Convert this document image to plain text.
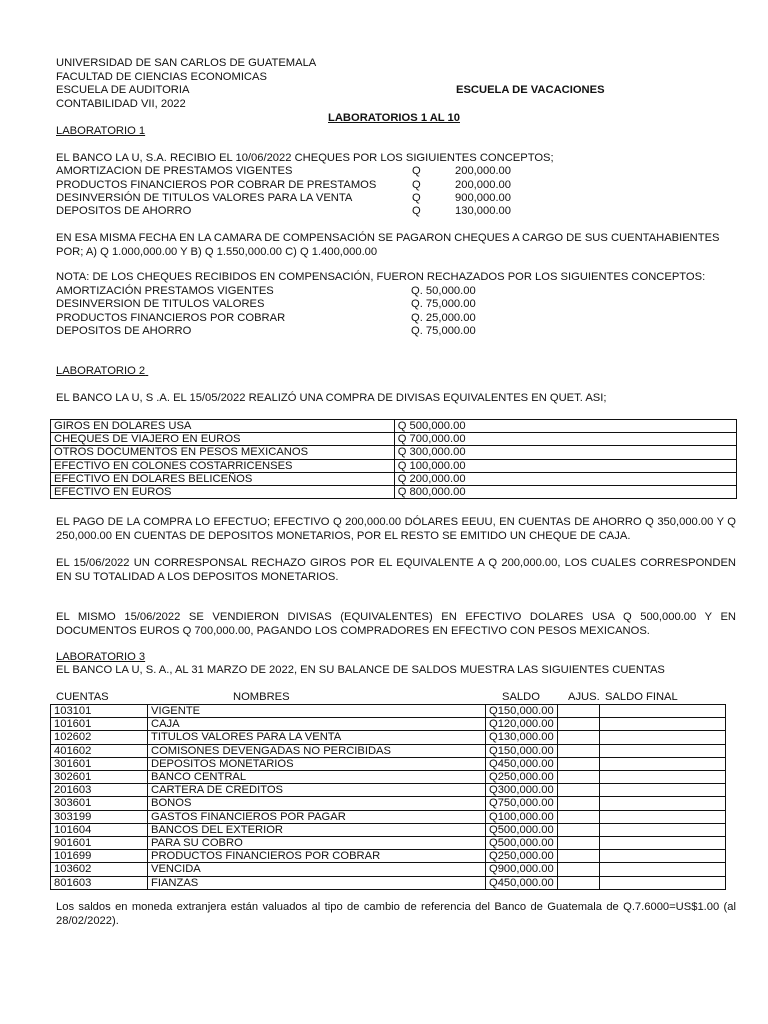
UNIVERSIDAD DE SAN CARLOS DE GUATEMALA
FACULTAD DE CIENCIAS ECONOMICAS
ESCUELA DE AUDITORIA	ESCUELA DE VACACIONES
CONTABILIDAD VII, 2022
LABORATORIOS 1 AL 10
LABORATORIO 1
EL BANCO LA U, S.A. RECIBIO EL 10/06/2022 CHEQUES POR LOS SIGIUIENTES CONCEPTOS;
AMORTIZACION DE PRESTAMOS VIGENTES	Q	200,000.00
PRODUCTOS FINANCIEROS POR COBRAR DE PRESTAMOS	Q	200,000.00
DESINVERSIÓN DE TITULOS VALORES PARA LA VENTA	Q	900,000.00
DEPOSITOS DE AHORRO	Q	130,000.00
EN ESA MISMA FECHA EN LA CAMARA DE COMPENSACIÓN SE PAGARON CHEQUES A CARGO DE SUS CUENTAHABIENTES POR; A) Q 1.000,000.00 Y B) Q 1.550,000.00 C) Q 1.400,000.00
NOTA: DE LOS CHEQUES RECIBIDOS EN COMPENSACIÓN, FUERON RECHAZADOS POR LOS SIGUIENTES CONCEPTOS:
AMORTIZACIÓN PRESTAMOS VIGENTES	Q. 50,000.00
DESINVERSION DE TITULOS VALORES	Q. 75,000.00
PRODUCTOS FINANCIEROS POR COBRAR	Q. 25,000.00
DEPOSITOS DE AHORRO	Q. 75,000.00
LABORATORIO 2
EL BANCO LA U, S .A. EL 15/05/2022 REALIZÓ UNA COMPRA DE DIVISAS EQUIVALENTES EN QUET. ASI;
GIROS EN DOLARES USA	Q 500,000.00
CHEQUES DE VIAJERO EN EUROS	Q 700,000.00
OTROS DOCUMENTOS EN PESOS MEXICANOS	Q 300,000.00
EFECTIVO EN COLONES COSTARRICENSES	Q 100,000.00
EFECTIVO EN DOLARES BELICEÑOS	Q 200,000.00
EFECTIVO EN EUROS	Q 800,000.00
EL PAGO DE LA COMPRA LO EFECTUO; EFECTIVO Q 200,000.00 DÓLARES EEUU, EN CUENTAS DE AHORRO Q 350,000.00 Y Q 250,000.00 EN CUENTAS DE DEPOSITOS MONETARIOS, POR EL RESTO SE EMITIDO UN CHEQUE DE CAJA.
EL 15/06/2022 UN CORRESPONSAL RECHAZO GIROS POR EL EQUIVALENTE A Q 200,000.00, LOS CUALES CORRESPONDEN EN SU TOTALIDAD A LOS DEPOSITOS MONETARIOS.
EL MISMO 15/06/2022 SE VENDIERON DIVISAS (EQUIVALENTES) EN EFECTIVO DOLARES USA Q 500,000.00 Y EN DOCUMENTOS EUROS Q 700,000.00, PAGANDO LOS COMPRADORES EN EFECTIVO CON PESOS MEXICANOS.
LABORATORIO 3
EL BANCO LA U, S. A., AL 31 MARZO DE 2022, EN SU BALANCE DE SALDOS MUESTRA LAS SIGUIENTES CUENTAS
CUENTAS	NOMBRES	SALDO	AJUS. SALDO FINAL
103101	VIGENTE	Q150,000.00		
101601	CAJA	Q120,000.00		
102602	TITULOS VALORES PARA LA VENTA	Q130,000.00		
401602	COMISONES DEVENGADAS NO PERCIBIDAS	Q150,000.00		
301601	DEPOSITOS MONETARIOS	Q450,000.00		
302601	BANCO CENTRAL	Q250,000.00		
201603	CARTERA DE CREDITOS	Q300,000.00		
303601	BONOS	Q750,000.00		
303199	GASTOS FINANCIEROS POR PAGAR	Q100,000.00		
101604	BANCOS DEL EXTERIOR	Q500,000.00		
901601	PARA SU COBRO	Q500,000.00		
101699	PRODUCTOS FINANCIEROS POR COBRAR	Q250,000.00		
103602	VENCIDA	Q900,000.00		
801603	FIANZAS	Q450,000.00		
Los saldos en moneda extranjera están valuados al tipo de cambio de referencia del Banco de Guatemala de Q.7.6000=US$1.00 (al 28/02/2022).
